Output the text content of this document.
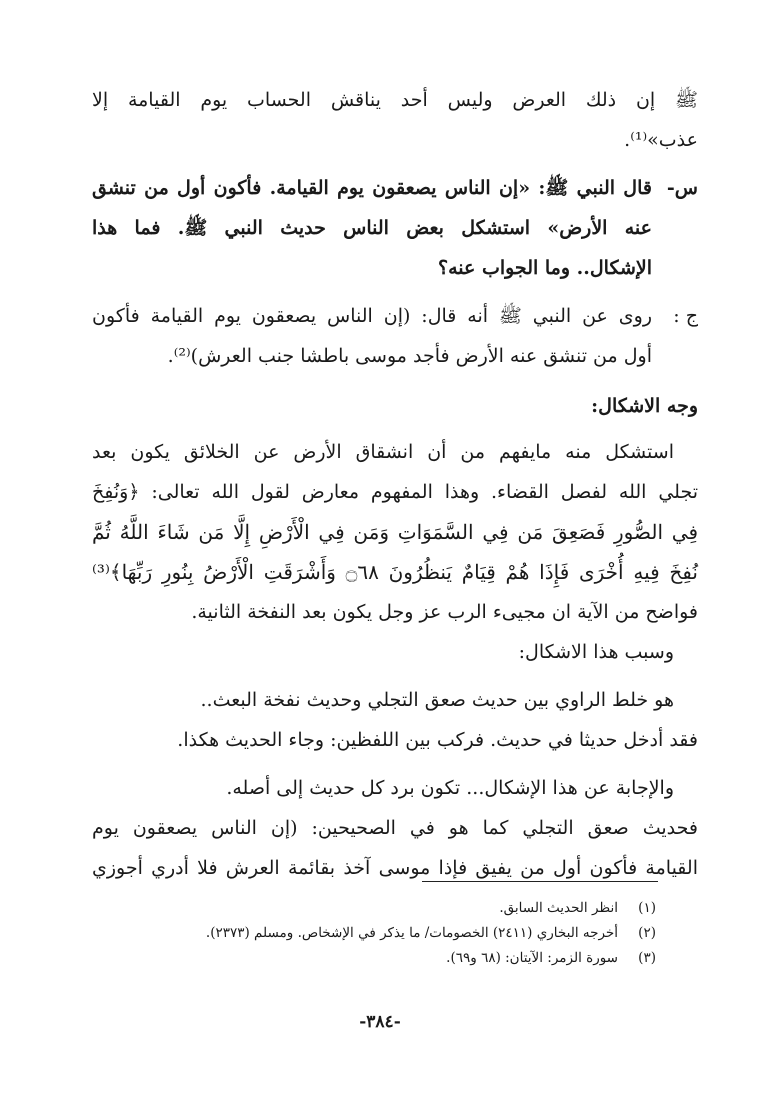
ﷺ إن ذلك العرض وليس أحد يناقش الحساب يوم القيامة إلا
عذب»⁽¹⁾.
س-
قال النبي ﷺ: «إن الناس يصعقون يوم القيامة. فأكون أول من تنشق
عنه الأرض» استشكل بعض الناس حديث النبي ﷺ. فما هذا
الإشكال.. وما الجواب عنه؟
ج :
روى عن النبي ﷺ أنه قال: (إن الناس يصعقون يوم القيامة فأكون
أول من تنشق عنه الأرض فأجد موسى باطشا جنب العرش)⁽²⁾.
وجه الاشكال:
استشكل منه مايفهم من أن انشقاق الأرض عن الخلائق يكون بعد
تجلي الله لفصل القضاء. وهذا المفهوم معارض لقول الله تعالى: ﴿وَنُفِخَ
فِي الصُّورِ فَصَعِقَ مَن فِي السَّمَوَاتِ وَمَن فِي الْأَرْضِ إِلَّا مَن شَاءَ اللَّهُ ثُمَّ
نُفِخَ فِيهِ أُخْرَى فَإِذَا هُمْ قِيَامٌ يَنظُرُونَ ۝٦٨ وَأَشْرَقَتِ الْأَرْضُ بِنُورِ رَبِّهَا﴾⁽³⁾
فواضح من الآية ان مجيىء الرب عز وجل يكون بعد النفخة الثانية.
وسبب هذا الاشكال:
هو خلط الراوي بين حديث صعق التجلي وحديث نفخة البعث..
فقد أدخل حديثا في حديث. فركب بين اللفظين: وجاء الحديث هكذا.
والإجابة عن هذا الإشكال... تكون برد كل حديث إلى أصله.
فحديث صعق التجلي كما هو في الصحيحين: (إن الناس يصعقون يوم
القيامة فأكون أول من يفيق فإذا موسى آخذ بقائمة العرش فلا أدري أجوزي
(١)
انظر الحديث السابق.
(٢)
أخرجه البخاري (٢٤١١) الخصومات/ ما يذكر في الإشخاص. ومسلم (٢٣٧٣).
(٣)
سورة الزمر: الآيتان: (٦٨ و٦٩).
-٣٨٤-
